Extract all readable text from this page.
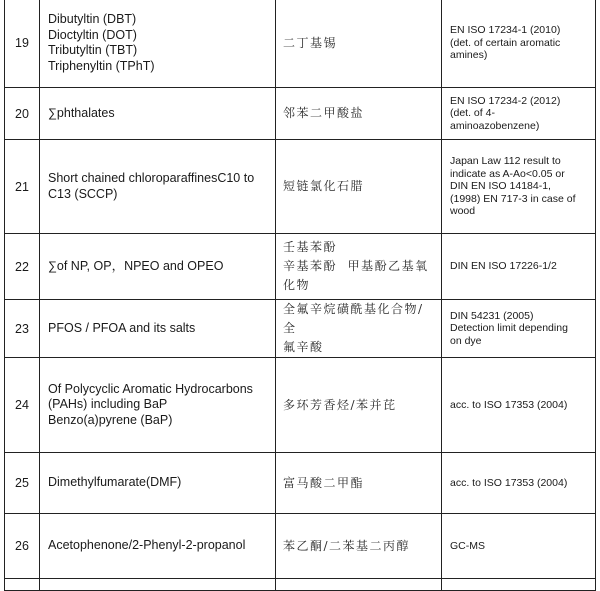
19	Dibutyltin (DBT)
Dioctyltin (DOT)
Tributyltin (TBT)
Triphenyltin (TPhT)	二丁基锡	EN ISO 17234-1 (2010)
(det. of certain aromatic
amines)

20	∑phthalates	邻苯二甲酸盐	EN ISO 17234-2 (2012)
(det. of 4-
aminoazobenzene)

21	Short chained chloroparaffinesC10 to
C13 (SCCP)	短链氯化石腊	Japan Law 112 result to
indicate as A-Ao<0.05 or
DIN EN ISO 14184-1,
(1998) EN 717-3 in case of
wood

22	∑of NP, OP，NPEO and OPEO	壬基苯酚
辛基苯酚  甲基酚乙基氧
化物	DIN EN ISO 17226-1/2

23	PFOS / PFOA and its salts	全氟辛烷磺酰基化合物/全
氟辛酸	DIN 54231 (2005)
Detection limit depending
on dye

24	Of Polycyclic Aromatic Hydrocarbons
(PAHs) including BaP
Benzo(a)pyrene (BaP)	多环芳香烃/苯并芘	acc. to ISO 17353 (2004)

25	Dimethylfumarate(DMF)	富马酸二甲酯	acc. to ISO 17353 (2004)

26	Acetophenone/2-Phenyl-2-propanol	苯乙酮/二苯基二丙醇	GC-MS
